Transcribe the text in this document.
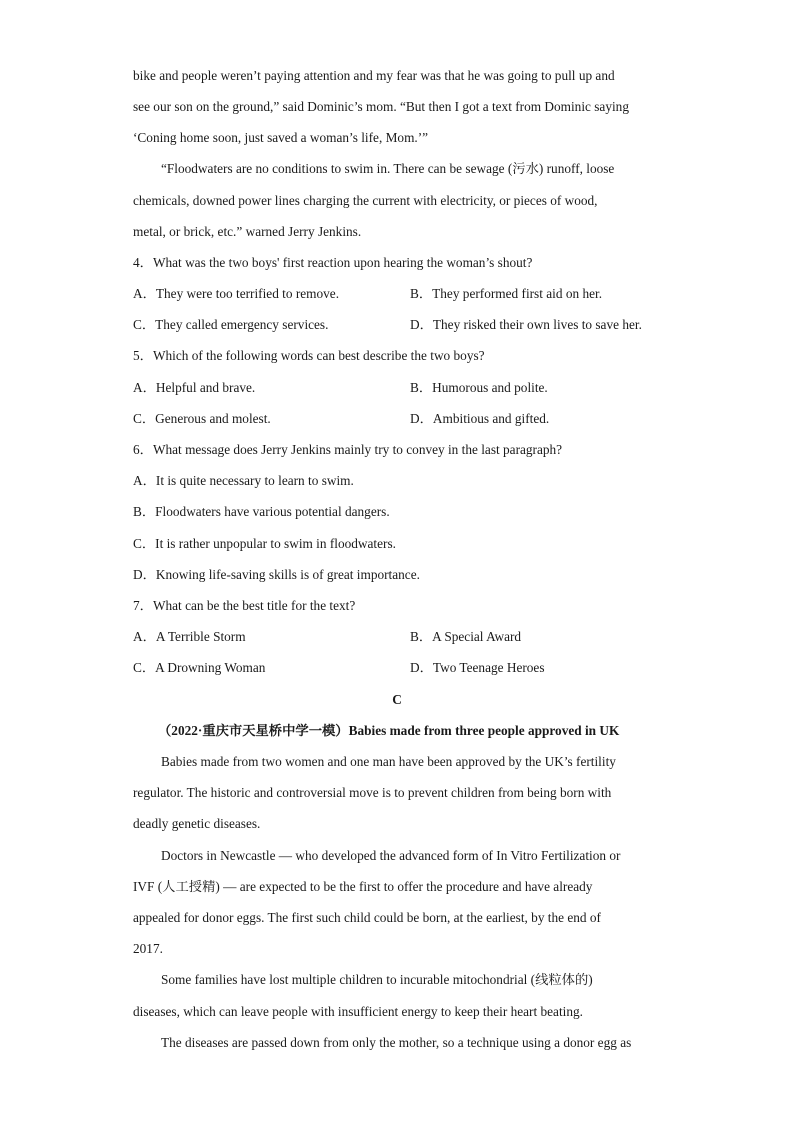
bike and people weren’t paying attention and my fear was that he was going to pull up and
see our son on the ground,” said Dominic’s mom. “But then I got a text from Dominic saying
‘Coning home soon, just saved a woman’s life, Mom.’”
“Floodwaters are no conditions to swim in. There can be sewage (污水) runoff, loose
chemicals, downed power lines charging the current with electricity, or pieces of wood,
metal, or brick, etc.” warned Jerry Jenkins.
4．What was the two boys' first reaction upon hearing the woman’s shout?
A．They were too terrified to remove.	B．They performed first aid on her.
C．They called emergency services.	D．They risked their own lives to save her.
5．Which of the following words can best describe the two boys?
A．Helpful and brave.	B．Humorous and polite.
C．Generous and molest.	D．Ambitious and gifted.
6．What message does Jerry Jenkins mainly try to convey in the last paragraph?
A．It is quite necessary to learn to swim.
B．Floodwaters have various potential dangers.
C．It is rather unpopular to swim in floodwaters.
D．Knowing life-saving skills is of great importance.
7．What can be the best title for the text?
A．A Terrible Storm	B．A Special Award
C．A Drowning Woman	D．Two Teenage Heroes
C
（2022·重庆市天星桥中学一模）Babies made from three people approved in UK
Babies made from two women and one man have been approved by the UK’s fertility
regulator. The historic and controversial move is to prevent children from being born with
deadly genetic diseases.
Doctors in Newcastle — who developed the advanced form of In Vitro Fertilization or
IVF (人工授精) — are expected to be the first to offer the procedure and have already
appealed for donor eggs. The first such child could be born, at the earliest, by the end of
2017.
Some families have lost multiple children to incurable mitochondrial (线粒体的)
diseases, which can leave people with insufficient energy to keep their heart beating.
The diseases are passed down from only the mother, so a technique using a donor egg as
